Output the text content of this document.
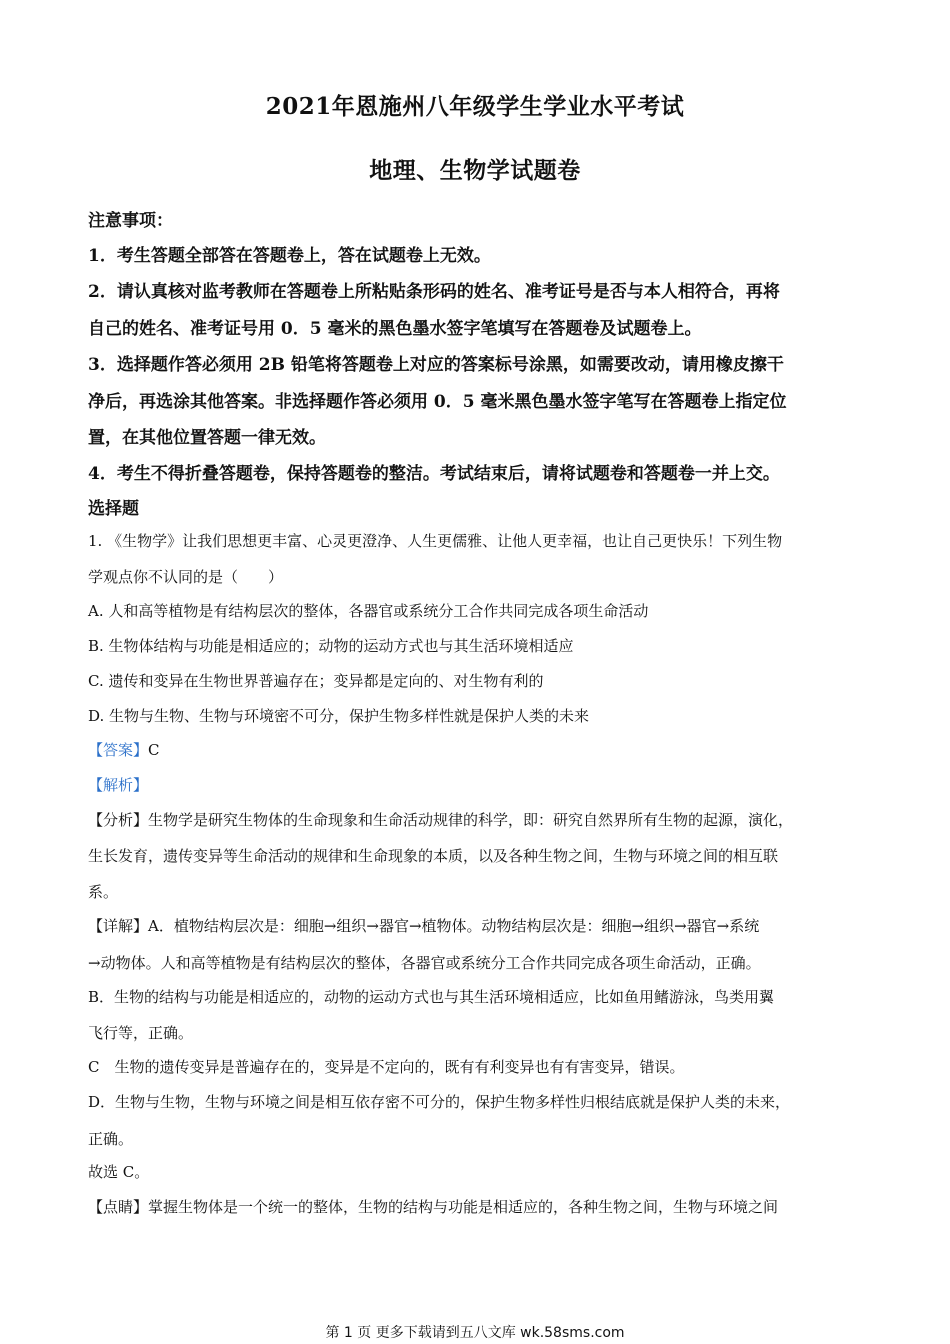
2021年恩施州八年级学生学业水平考试
地理、生物学试题卷
注意事项：
1．考生答题全部答在答题卷上，答在试题卷上无效。
2．请认真核对监考教师在答题卷上所粘贴条形码的姓名、准考证号是否与本人相符合，再将
自己的姓名、准考证号用 0．5 毫米的黑色墨水签字笔填写在答题卷及试题卷上。
3．选择题作答必须用 2B 铅笔将答题卷上对应的答案标号涂黑，如需要改动，请用橡皮擦干
净后，再选涂其他答案。非选择题作答必须用 0．5 毫米黑色墨水签字笔写在答题卷上指定位
置，在其他位置答题一律无效。
4．考生不得折叠答题卷，保持答题卷的整洁。考试结束后，请将试题卷和答题卷一并上交。
选择题
1. 《生物学》让我们思想更丰富、心灵更澄净、人生更儒雅、让他人更幸福，也让自己更快乐！下列生物
学观点你不认同的是（　　）
A. 人和高等植物是有结构层次的整体，各器官或系统分工合作共同完成各项生命活动
B. 生物体结构与功能是相适应的；动物的运动方式也与其生活环境相适应
C. 遗传和变异在生物世界普遍存在；变异都是定向的、对生物有利的
D. 生物与生物、生物与环境密不可分，保护生物多样性就是保护人类的未来
【答案】C
【解析】
【分析】生物学是研究生物体的生命现象和生命活动规律的科学，即：研究自然界所有生物的起源，演化，
生长发育，遗传变异等生命活动的规律和生命现象的本质，以及各种生物之间，生物与环境之间的相互联
系。
【详解】A．植物结构层次是：细胞→组织→器官→植物体。动物结构层次是：细胞→组织→器官→系统
→动物体。人和高等植物是有结构层次的整体，各器官或系统分工合作共同完成各项生命活动，正确。
B．生物的结构与功能是相适应的，动物的运动方式也与其生活环境相适应，比如鱼用鳍游泳，鸟类用翼
飞行等，正确。
C　生物的遗传变异是普遍存在的，变异是不定向的，既有有利变异也有有害变异，错误。
D．生物与生物，生物与环境之间是相互依存密不可分的，保护生物多样性归根结底就是保护人类的未来，
正确。
故选 C。
【点睛】掌握生物体是一个统一的整体，生物的结构与功能是相适应的，各种生物之间，生物与环境之间
第 1 页 更多下载请到五八文库 wk.58sms.com
